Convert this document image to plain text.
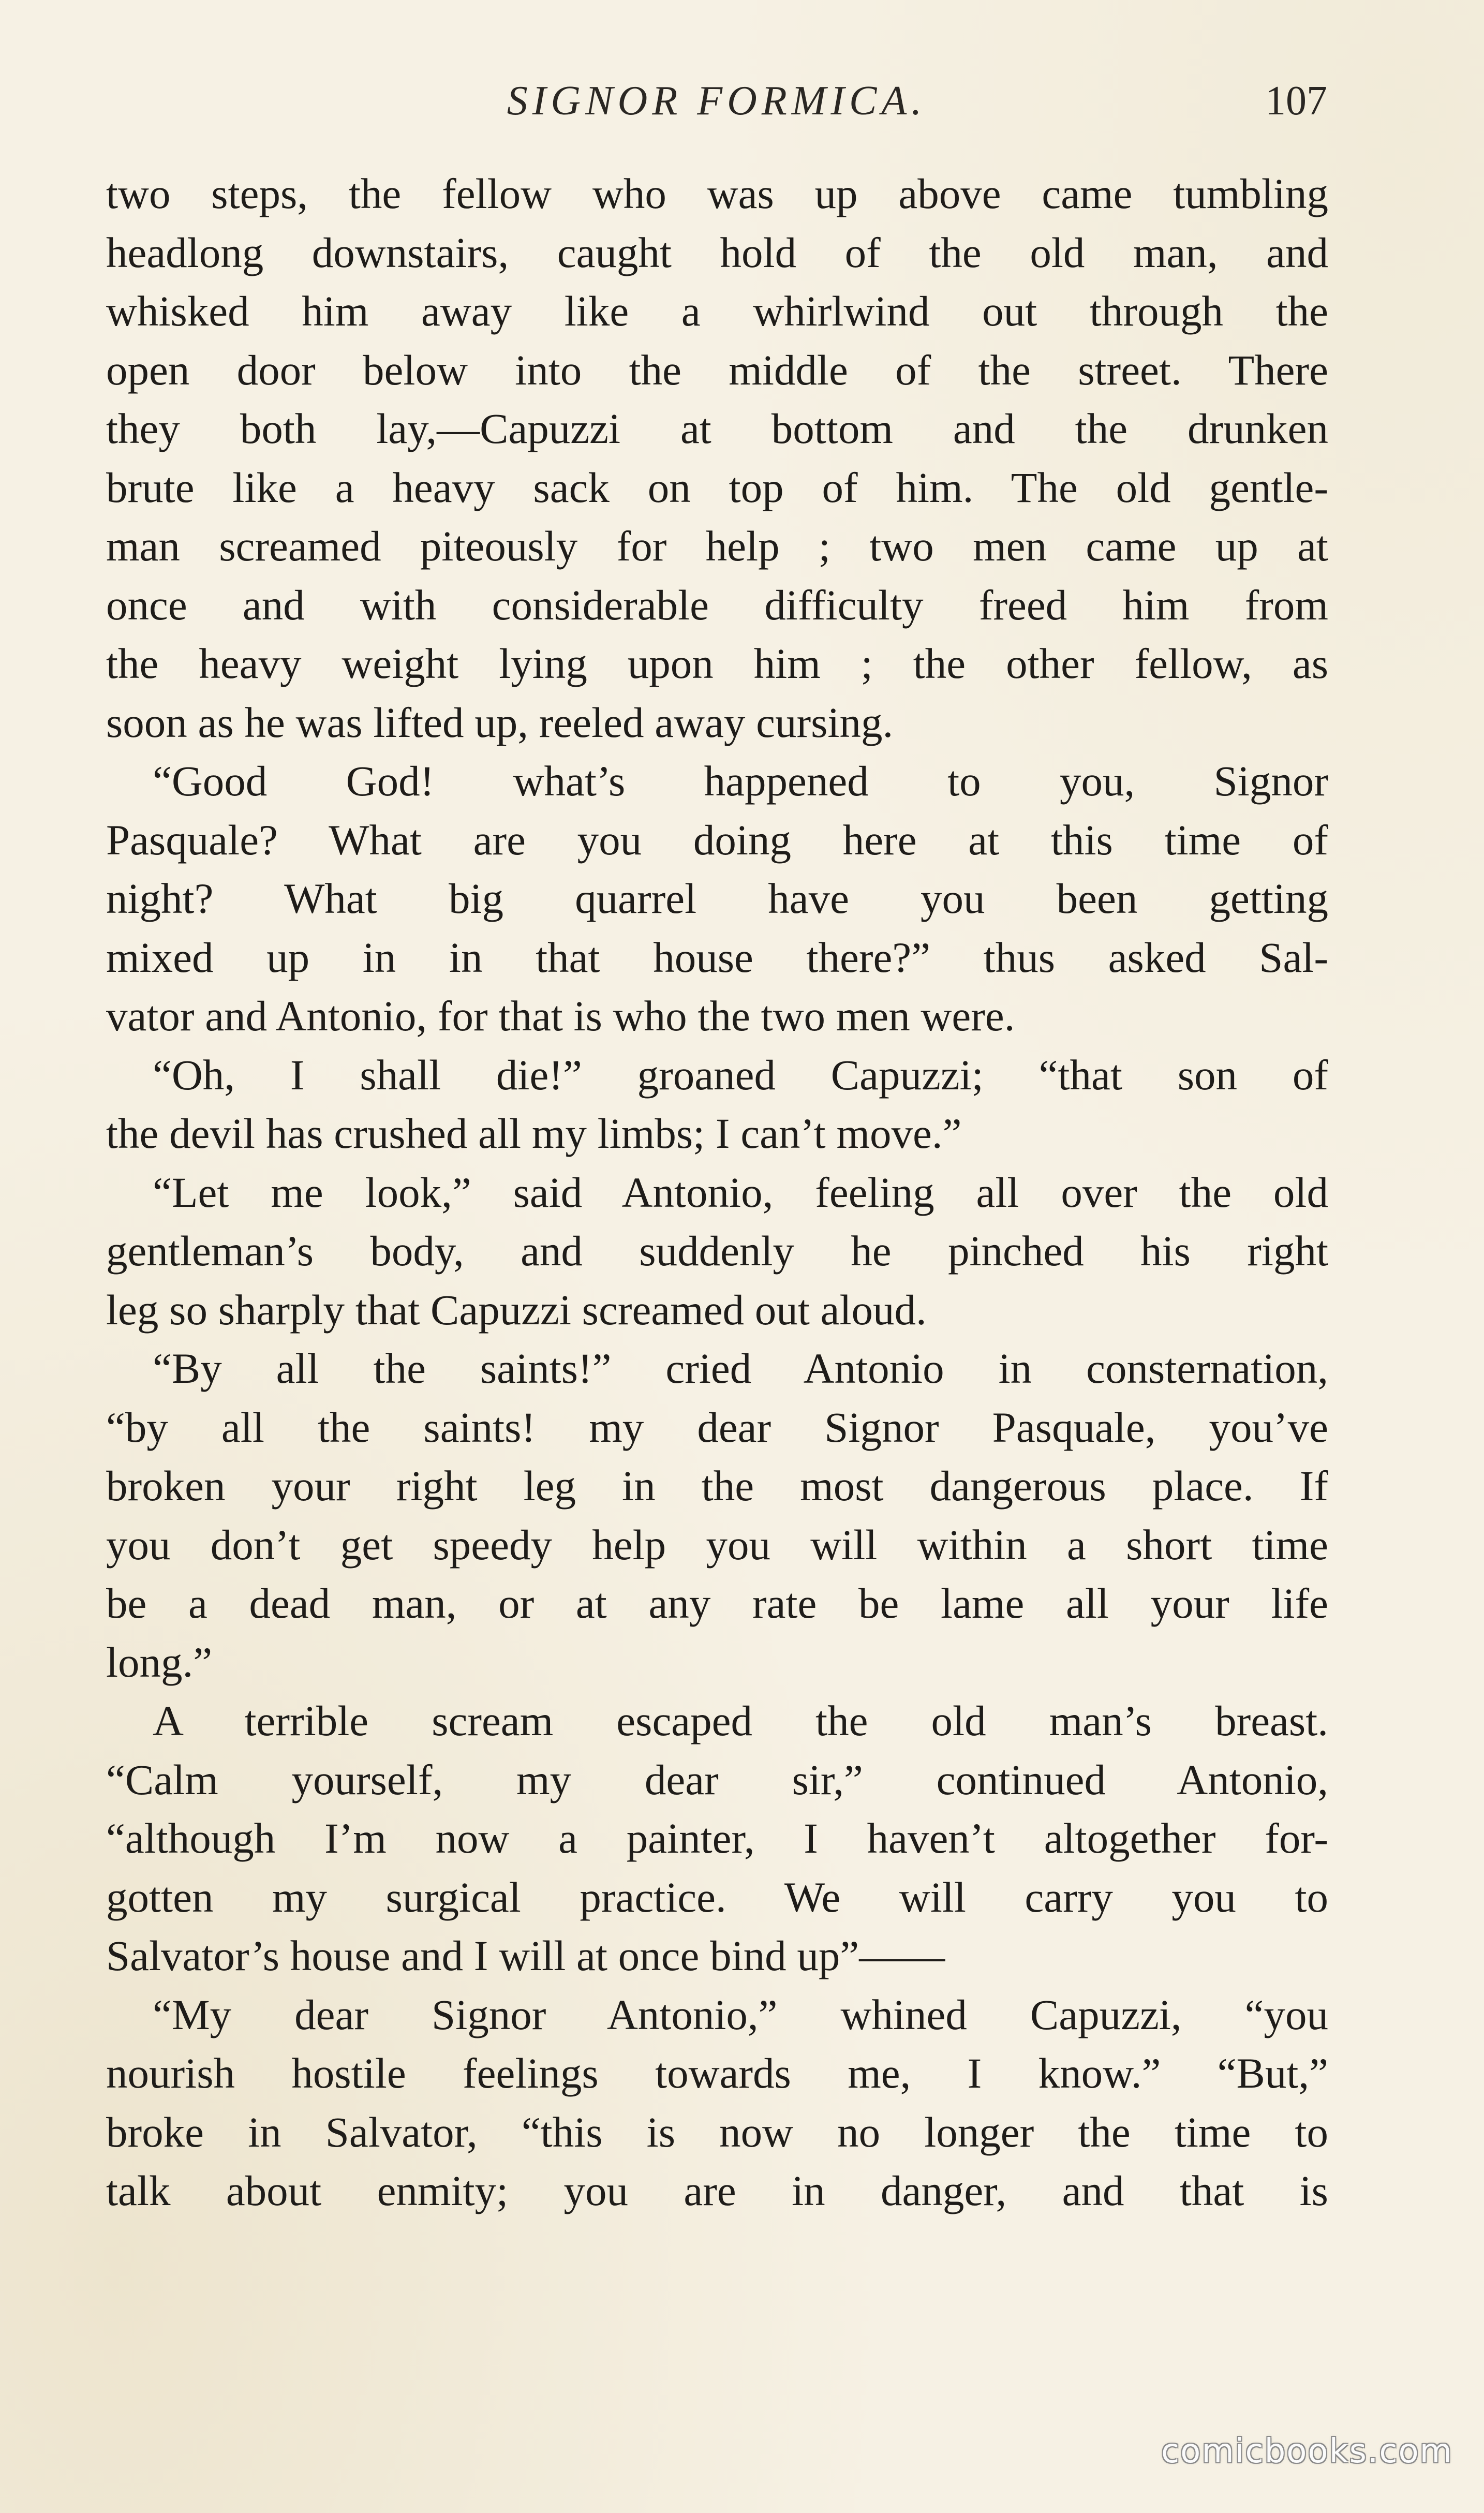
SIGNOR FORMICA.	107
two steps, the fellow who was up above came tumbling
headlong downstairs, caught hold of the old man, and
whisked him away like a whirlwind out through the
open door below into the middle of the street. There
they both lay,—Capuzzi at bottom and the drunken
brute like a heavy sack on top of him. The old gentle-
man screamed piteously for help ; two men came up at
once and with considerable difficulty freed him from
the heavy weight lying upon him ; the other fellow, as
soon as he was lifted up, reeled away cursing.
“Good God! what’s happened to you, Signor
Pasquale? What are you doing here at this time of
night? What big quarrel have you been getting
mixed up in in that house there?” thus asked Sal-
vator and Antonio, for that is who the two men were.
“Oh, I shall die!” groaned Capuzzi; “that son of
the devil has crushed all my limbs; I can’t move.”
“Let me look,” said Antonio, feeling all over the old
gentleman’s body, and suddenly he pinched his right
leg so sharply that Capuzzi screamed out aloud.
“By all the saints!” cried Antonio in consternation,
“by all the saints! my dear Signor Pasquale, you’ve
broken your right leg in the most dangerous place. If
you don’t get speedy help you will within a short time
be a dead man, or at any rate be lame all your life
long.”
A terrible scream escaped the old man’s breast.
“Calm yourself, my dear sir,” continued Antonio,
“although I’m now a painter, I haven’t altogether for-
gotten my surgical practice. We will carry you to
Salvator’s house and I will at once bind up”——
“My dear Signor Antonio,” whined Capuzzi, “you
nourish hostile feelings towards me, I know.” “But,”
broke in Salvator, “this is now no longer the time to
talk about enmity; you are in danger, and that is
comicbooks.com
